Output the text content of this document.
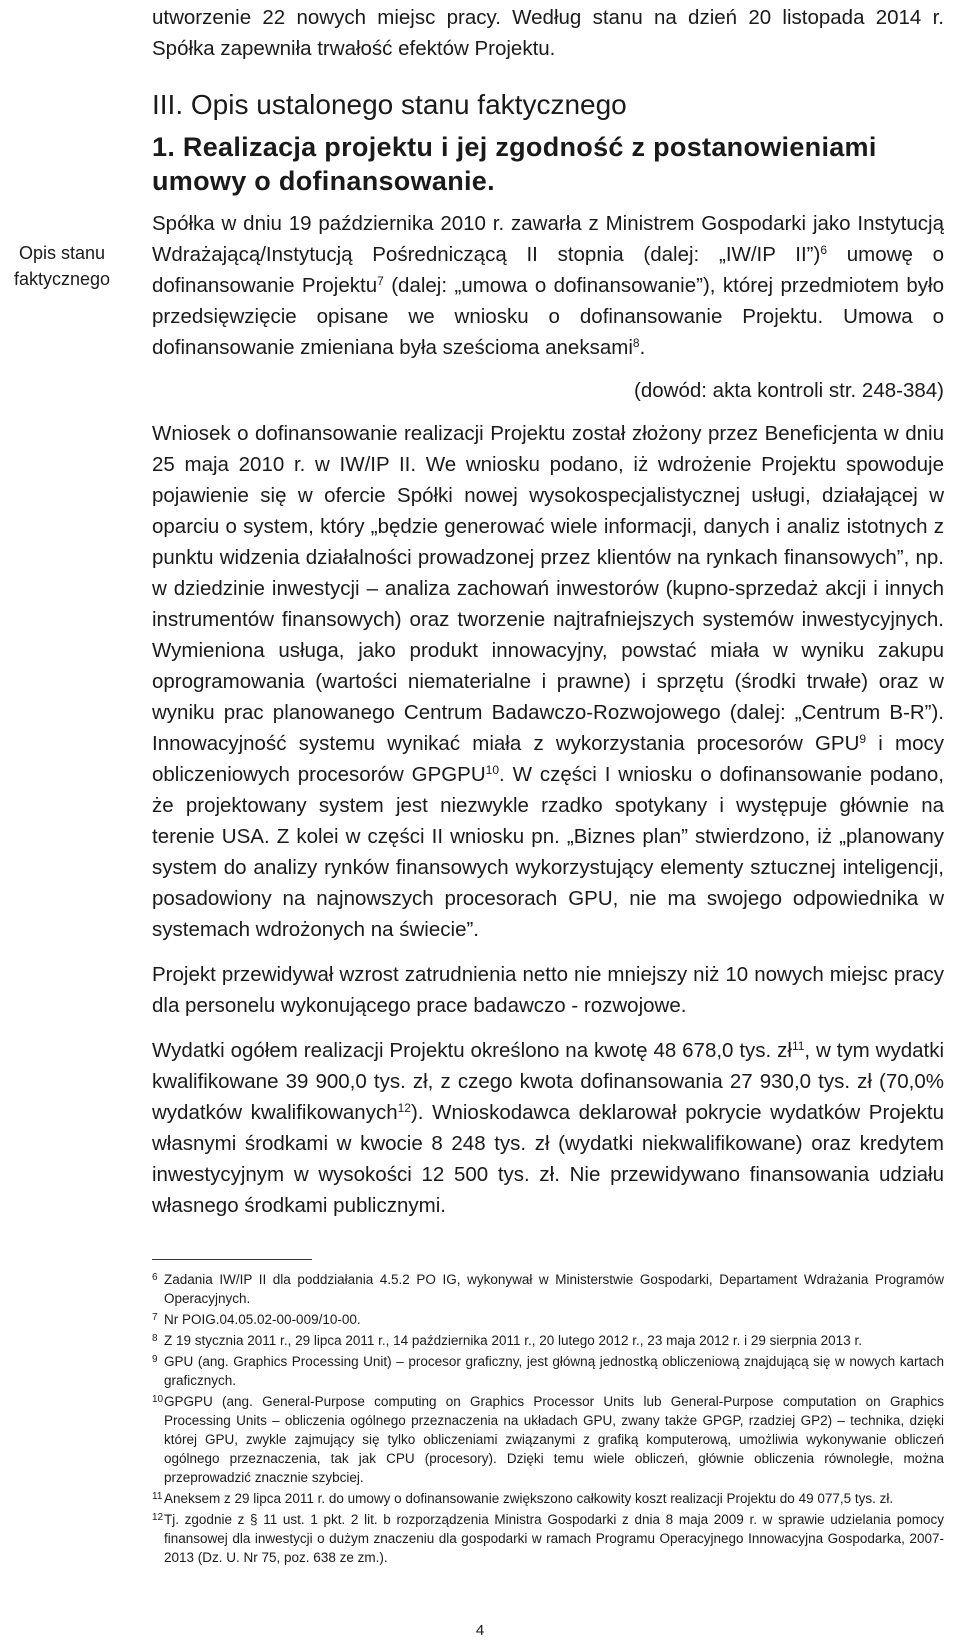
Opis stanu faktycznego

utworzenie 22 nowych miejsc pracy. Według stanu na dzień 20 listopada 2014 r. Spółka zapewniła trwałość efektów Projektu.

III. Opis ustalonego stanu faktycznego
1. Realizacja projektu i jej zgodność z postanowieniami umowy o dofinansowanie.

Spółka w dniu 19 października 2010 r. zawarła z Ministrem Gospodarki jako Instytucją Wdrażającą/Instytucją Pośredniczącą II stopnia (dalej: „IW/IP II”)$^6$ umowę o dofinansowanie Projektu$^7$ (dalej: „umowa o dofinansowanie”), której przedmiotem było przedsięwzięcie opisane we wniosku o dofinansowanie Projektu. Umowa o dofinansowanie zmieniana była sześcioma aneksami$^8$.

(dowód: akta kontroli str. 248-384)

Wniosek o dofinansowanie realizacji Projektu został złożony przez Beneficjenta w dniu 25 maja 2010 r. w IW/IP II. We wniosku podano, iż wdrożenie Projektu spowoduje pojawienie się w ofercie Spółki nowej wysokospecjalistycznej usługi, działającej w oparciu o system, który „będzie generować wiele informacji, danych i analiz istotnych z punktu widzenia działalności prowadzonej przez klientów na rynkach finansowych”, np. w dziedzinie inwestycji – analiza zachowań inwestorów (kupno-sprzedaż akcji i innych instrumentów finansowych) oraz tworzenie najtrafniejszych systemów inwestycyjnych. Wymieniona usługa, jako produkt innowacyjny, powstać miała w wyniku zakupu oprogramowania (wartości niematerialne i prawne) i sprzętu (środki trwałe) oraz w wyniku prac planowanego Centrum Badawczo-Rozwojowego (dalej: „Centrum B-R”). Innowacyjność systemu wynikać miała z wykorzystania procesorów GPU$^9$ i mocy obliczeniowych procesorów GPGPU$^{10}$. W części I wniosku o dofinansowanie podano, że projektowany system jest niezwykle rzadko spotykany i występuje głównie na terenie USA. Z kolei w części II wniosku pn. „Biznes plan” stwierdzono, iż „planowany system do analizy rynków finansowych wykorzystujący elementy sztucznej inteligencji, posadowiony na najnowszych procesorach GPU, nie ma swojego odpowiednika w systemach wdrożonych na świecie”.

Projekt przewidywał wzrost zatrudnienia netto nie mniejszy niż 10 nowych miejsc pracy dla personelu wykonującego prace badawczo - rozwojowe.

Wydatki ogółem realizacji Projektu określono na kwotę 48 678,0 tys. $zł^{11}$, w tym wydatki kwalifikowane 39 900,0 tys. zł, z czego kwota dofinansowania 27 930,0 tys. zł (70,0% wydatków kwalifikowanych$^{12}$). Wnioskodawca deklarował pokrycie wydatków Projektu własnymi środkami w kwocie 8 248 tys. zł (wydatki niekwalifikowane) oraz kredytem inwestycyjnym w wysokości 12 500 tys. zł. Nie przewidywano finansowania udziału własnego środkami publicznymi.

6 Zadania IW/IP II dla poddziałania 4.5.2 PO IG, wykonywał w Ministerstwie Gospodarki, Departament Wdrażania Programów Operacyjnych.
7 Nr POIG.04.05.02-00-009/10-00.
8 Z 19 stycznia 2011 r., 29 lipca 2011 r., 14 października 2011 r., 20 lutego 2012 r., 23 maja 2012 r. i 29 sierpnia 2013 r.
9 GPU (ang. Graphics Processing Unit) – procesor graficzny, jest główną jednostką obliczeniową znajdującą się w nowych kartach graficznych.
10 GPGPU (ang. General-Purpose computing on Graphics Processor Units lub General-Purpose computation on Graphics Processing Units – obliczenia ogólnego przeznaczenia na układach GPU, zwany także GPGP, rzadziej GP2) – technika, dzięki której GPU, zwykle zajmujący się tylko obliczeniami związanymi z grafiką komputerową, umożliwia wykonywanie obliczeń ogólnego przeznaczenia, tak jak CPU (procesory). Dzięki temu wiele obliczeń, głównie obliczenia równoległe, można przeprowadzić znacznie szybciej.
11 Aneksem z 29 lipca 2011 r. do umowy o dofinansowanie zwiększono całkowity koszt realizacji Projektu do 49 077,5 tys. zł.
12 Tj. zgodnie z § 11 ust. 1 pkt. 2 lit. b rozporządzenia Ministra Gospodarki z dnia 8 maja 2009 r. w sprawie udzielania pomocy finansowej dla inwestycji o dużym znaczeniu dla gospodarki w ramach Programu Operacyjnego Innowacyjna Gospodarka, 2007-2013 (Dz. U. Nr 75, poz. 638 ze zm.).
4
